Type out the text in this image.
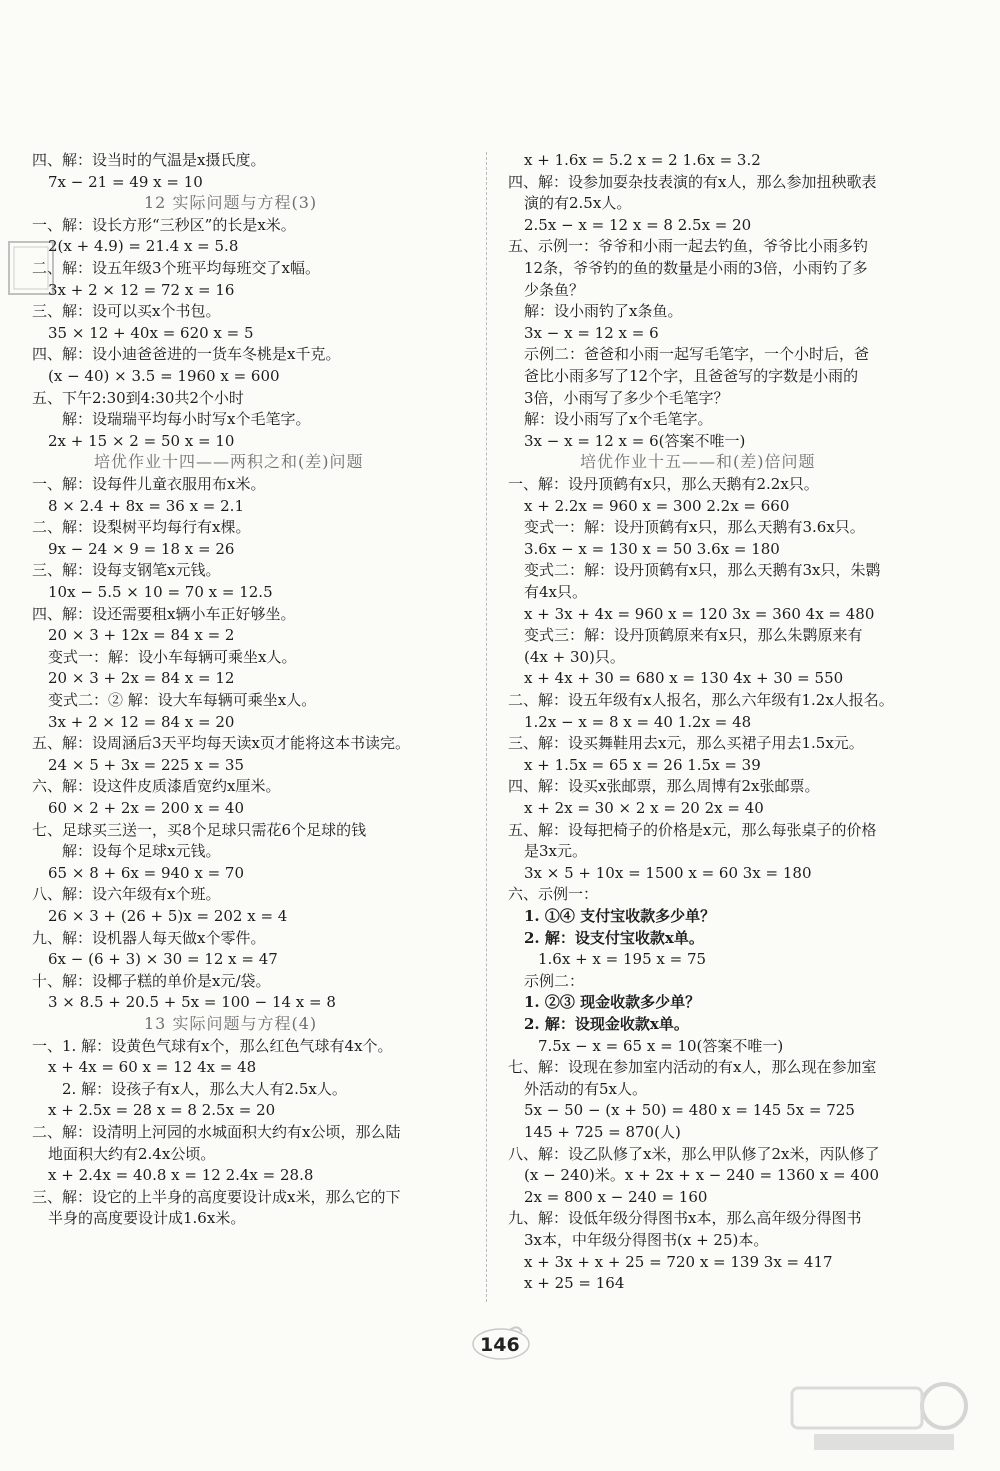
四、解：设当时的气温是x摄氏度。
7x − 21 = 49 x = 10
12 实际问题与方程(3)
一、解：设长方形“三秒区”的长是x米。
2(x + 4.9) = 21.4 x = 5.8
二、解：设五年级3个班平均每班交了x幅。
3x + 2 × 12 = 72 x = 16
三、解：设可以买x个书包。
35 × 12 + 40x = 620 x = 5
四、解：设小迪爸爸进的一货车冬桃是x千克。
(x − 40) × 3.5 = 1960 x = 600
五、下午2:30到4:30共2个小时
解：设瑞瑞平均每小时写x个毛笔字。
2x + 15 × 2 = 50 x = 10
培优作业十四——两积之和(差)问题
一、解：设每件儿童衣服用布x米。
8 × 2.4 + 8x = 36 x = 2.1
二、解：设梨树平均每行有x棵。
9x − 24 × 9 = 18 x = 26
三、解：设每支钢笔x元钱。
10x − 5.5 × 10 = 70 x = 12.5
四、解：设还需要租x辆小车正好够坐。
20 × 3 + 12x = 84 x = 2
变式一：解：设小车每辆可乘坐x人。
20 × 3 + 2x = 84 x = 12
变式二：② 解：设大车每辆可乘坐x人。
3x + 2 × 12 = 84 x = 20
五、解：设周涵后3天平均每天读x页才能将这本书读完。
24 × 5 + 3x = 225 x = 35
六、解：设这件皮质漆盾宽约x厘米。
60 × 2 + 2x = 200 x = 40
七、足球买三送一，买8个足球只需花6个足球的钱
解：设每个足球x元钱。
65 × 8 + 6x = 940 x = 70
八、解：设六年级有x个班。
26 × 3 + (26 + 5)x = 202 x = 4
九、解：设机器人每天做x个零件。
6x − (6 + 3) × 30 = 12 x = 47
十、解：设椰子糕的单价是x元/袋。
3 × 8.5 + 20.5 + 5x = 100 − 14 x = 8
13 实际问题与方程(4)
一、1. 解：设黄色气球有x个，那么红色气球有4x个。
x + 4x = 60 x = 12 4x = 48
2. 解：设孩子有x人，那么大人有2.5x人。
x + 2.5x = 28 x = 8 2.5x = 20
二、解：设清明上河园的水城面积大约有x公顷，那么陆
地面积大约有2.4x公顷。
x + 2.4x = 40.8 x = 12 2.4x = 28.8
三、解：设它的上半身的高度要设计成x米，那么它的下
半身的高度要设计成1.6x米。
x + 1.6x = 5.2 x = 2 1.6x = 3.2
四、解：设参加耍杂技表演的有x人，那么参加扭秧歌表
演的有2.5x人。
2.5x − x = 12 x = 8 2.5x = 20
五、示例一：爷爷和小雨一起去钓鱼，爷爷比小雨多钓
12条，爷爷钓的鱼的数量是小雨的3倍，小雨钓了多
少条鱼？
解：设小雨钓了x条鱼。
3x − x = 12 x = 6
示例二：爸爸和小雨一起写毛笔字，一个小时后，爸
爸比小雨多写了12个字，且爸爸写的字数是小雨的
3倍，小雨写了多少个毛笔字？
解：设小雨写了x个毛笔字。
3x − x = 12 x = 6(答案不唯一)
培优作业十五——和(差)倍问题
一、解：设丹顶鹤有x只，那么天鹅有2.2x只。
x + 2.2x = 960 x = 300 2.2x = 660
变式一：解：设丹顶鹤有x只，那么天鹅有3.6x只。
3.6x − x = 130 x = 50 3.6x = 180
变式二：解：设丹顶鹤有x只，那么天鹅有3x只，朱鹮
有4x只。
x + 3x + 4x = 960 x = 120 3x = 360 4x = 480
变式三：解：设丹顶鹤原来有x只，那么朱鹮原来有
(4x + 30)只。
x + 4x + 30 = 680 x = 130 4x + 30 = 550
二、解：设五年级有x人报名，那么六年级有1.2x人报名。
1.2x − x = 8 x = 40 1.2x = 48
三、解：设买舞鞋用去x元，那么买裙子用去1.5x元。
x + 1.5x = 65 x = 26 1.5x = 39
四、解：设买x张邮票，那么周博有2x张邮票。
x + 2x = 30 × 2 x = 20 2x = 40
五、解：设每把椅子的价格是x元，那么每张桌子的价格
是3x元。
3x × 5 + 10x = 1500 x = 60 3x = 180
六、示例一：
1. ①④ 支付宝收款多少单？
2. 解：设支付宝收款x单。
1.6x + x = 195 x = 75
示例二：
1. ②③ 现金收款多少单？
2. 解：设现金收款x单。
7.5x − x = 65 x = 10(答案不唯一)
七、解：设现在参加室内活动的有x人，那么现在参加室
外活动的有5x人。
5x − 50 − (x + 50) = 480 x = 145 5x = 725
145 + 725 = 870(人)
八、解：设乙队修了x米，那么甲队修了2x米，丙队修了
(x − 240)米。x + 2x + x − 240 = 1360 x = 400
2x = 800 x − 240 = 160
九、解：设低年级分得图书x本，那么高年级分得图书
3x本，中年级分得图书(x + 25)本。
x + 3x + x + 25 = 720 x = 139 3x = 417
x + 25 = 164
146
